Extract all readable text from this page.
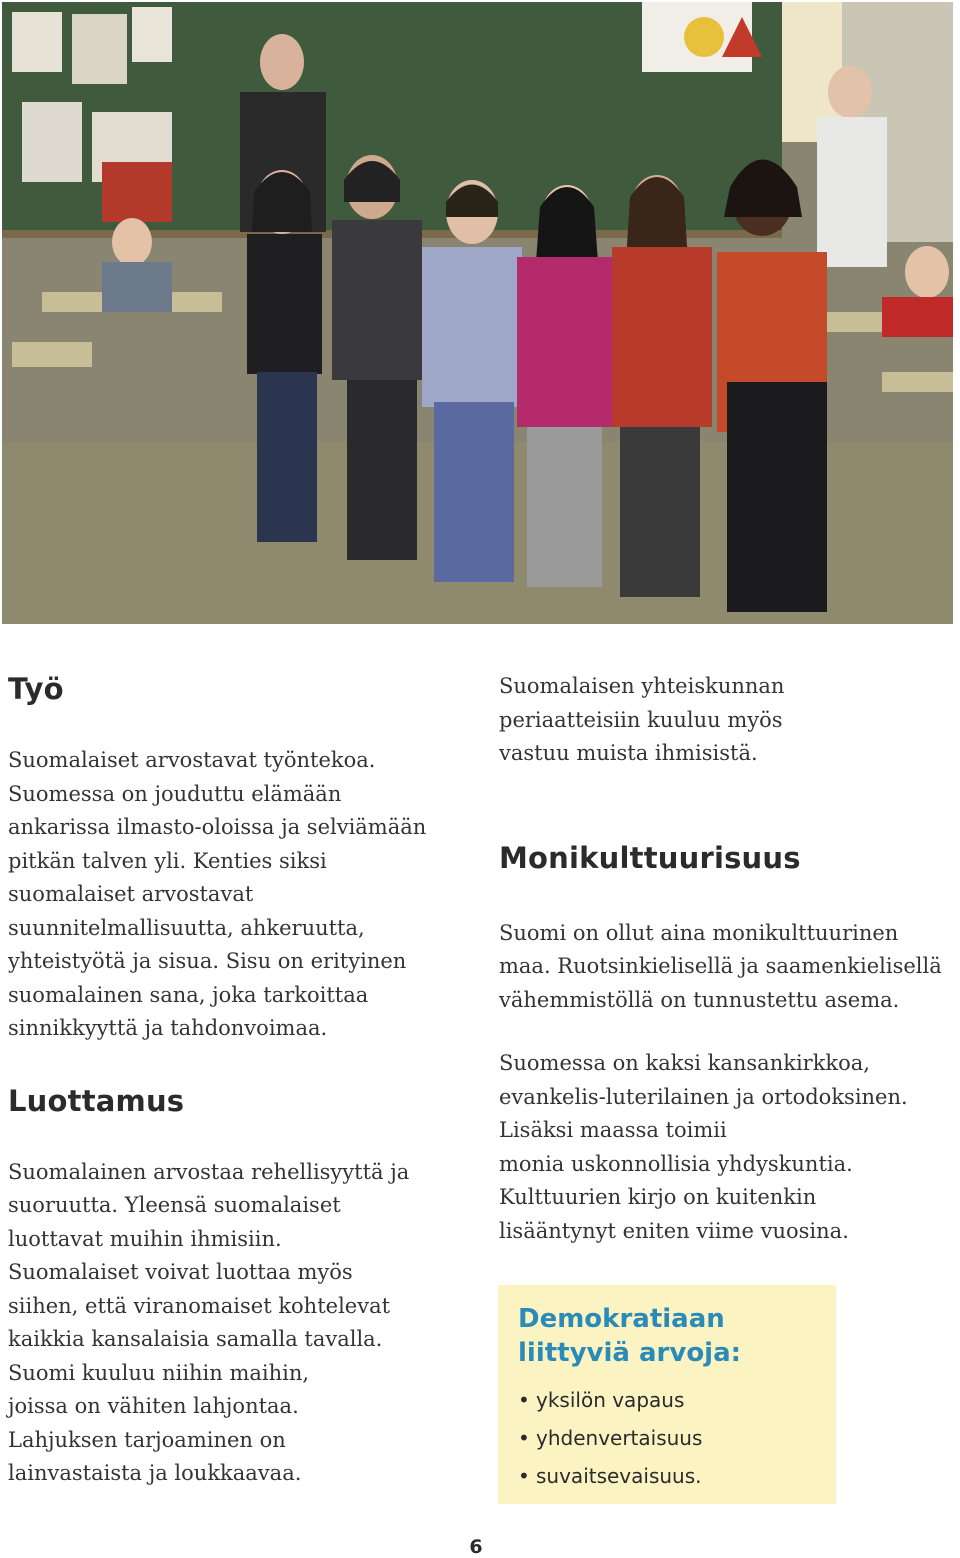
Työ

Suomalaiset arvostavat työntekoa.
Suomessa on jouduttu elämään
ankarissa ilmasto-oloissa ja selviämään
pitkän talven yli. Kenties siksi
suomalaiset arvostavat
suunnitelmallisuutta, ahkeruutta,
yhteistyötä ja sisua. Sisu on erityinen
suomalainen sana, joka tarkoittaa
sinnikkyyttä ja tahdonvoimaa.

Luottamus

Suomalainen arvostaa rehellisyyttä ja
suoruutta. Yleensä suomalaiset
luottavat muihin ihmisiin.
Suomalaiset voivat luottaa myös
siihen, että viranomaiset kohtelevat
kaikkia kansalaisia samalla tavalla.
Suomi kuuluu niihin maihin,
joissa on vähiten lahjontaa.
Lahjuksen tarjoaminen on
lainvastaista ja loukkaavaa.

Suomalaisen yhteiskunnan
periaatteisiin kuuluu myös
vastuu muista ihmisistä.

Monikulttuurisuus

Suomi on ollut aina monikulttuurinen
maa. Ruotsinkielisellä ja saamenkielisellä
vähemmistöllä on tunnustettu asema.

Suomessa on kaksi kansankirkkoa,
evankelis-luterilainen ja ortodoksinen.
Lisäksi maassa toimii
monia uskonnollisia yhdyskuntia.
Kulttuurien kirjo on kuitenkin
lisääntynyt eniten viime vuosina.

Demokratiaan
liittyviä arvoja:
• yksilön vapaus
• yhdenvertaisuus
• suvaitsevaisuus.
6
